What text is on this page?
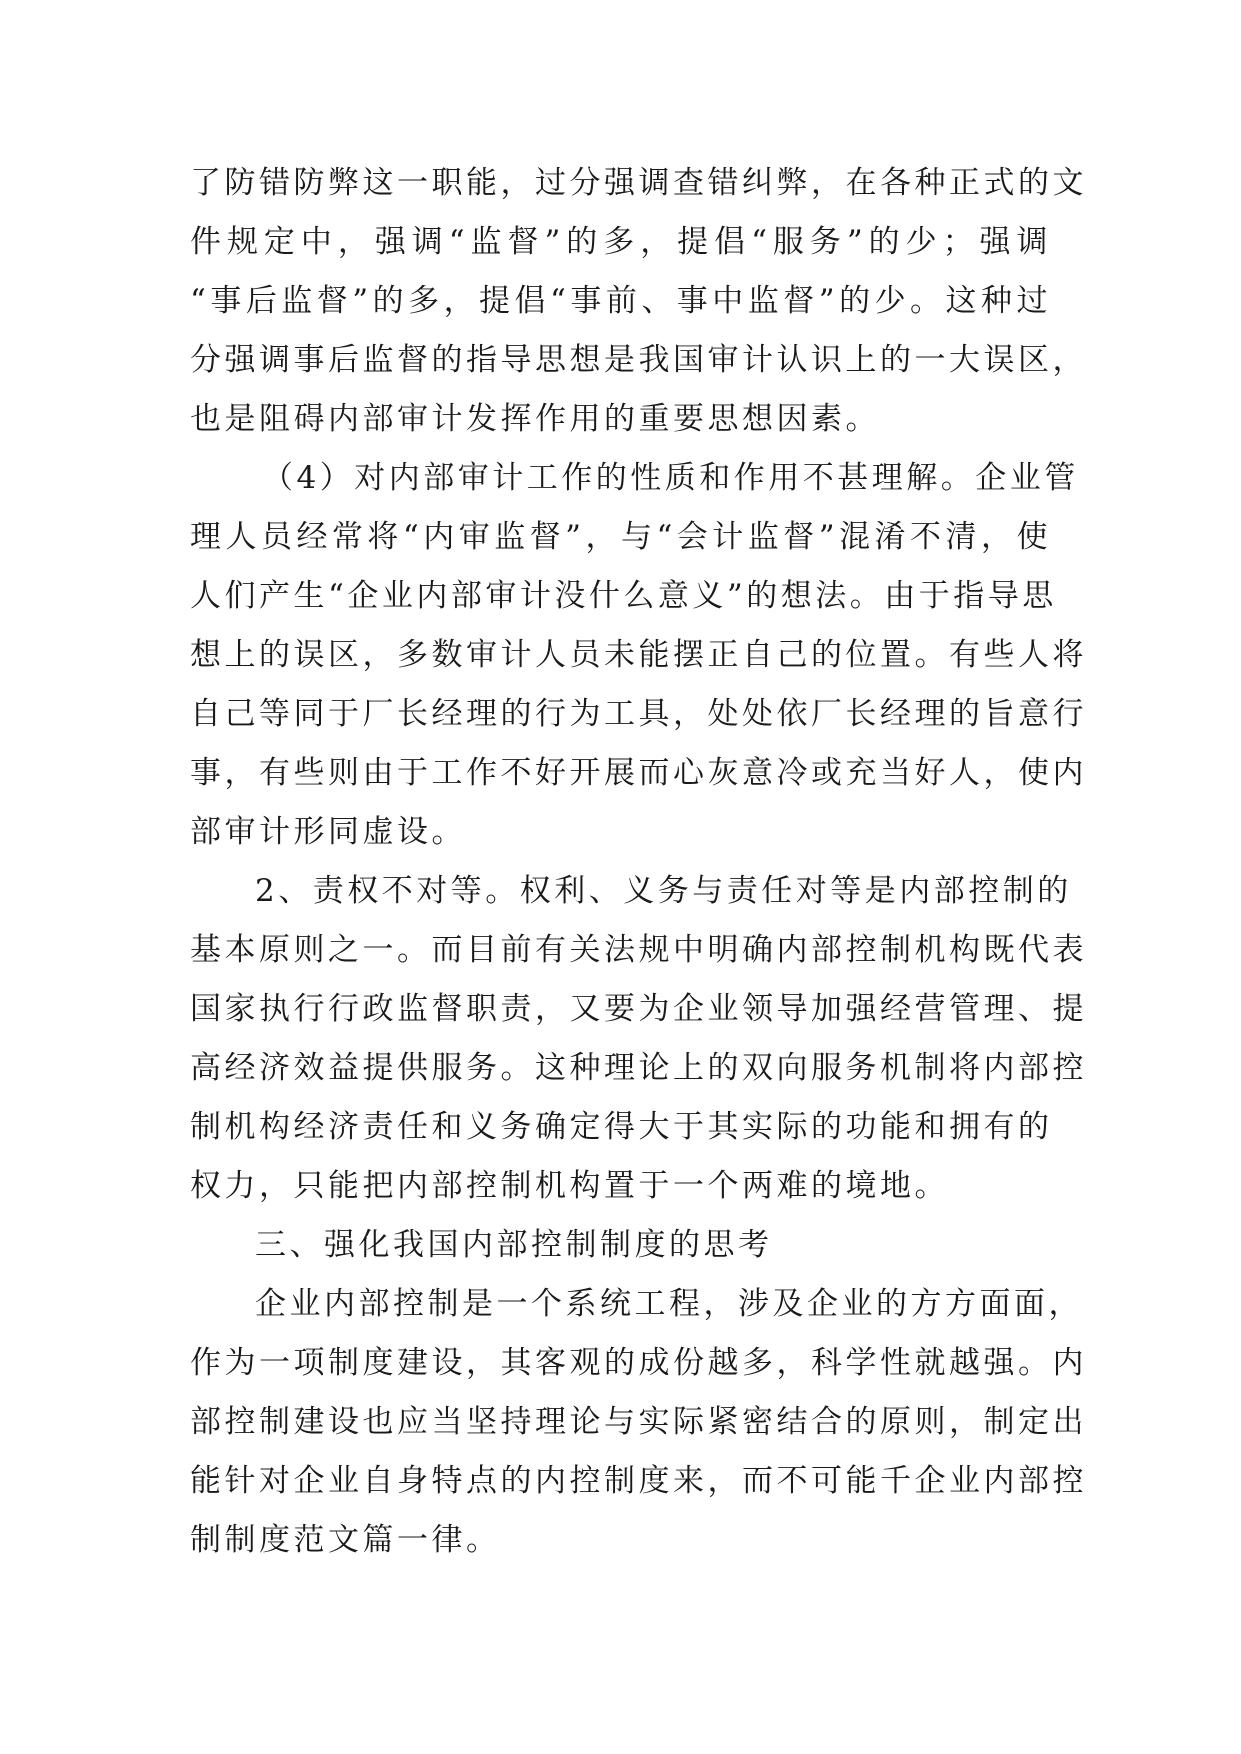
了防错防弊这一职能，过分强调查错纠弊，在各种正式的文
件规定中，强调“监督”的多，提倡“服务”的少；强调
“事后监督”的多，提倡“事前、事中监督”的少。这种过
分强调事后监督的指导思想是我国审计认识上的一大误区，
也是阻碍内部审计发挥作用的重要思想因素。
（4）对内部审计工作的性质和作用不甚理解。企业管
理人员经常将“内审监督”，与“会计监督”混淆不清，使
人们产生“企业内部审计没什么意义”的想法。由于指导思
想上的误区，多数审计人员未能摆正自己的位置。有些人将
自己等同于厂长经理的行为工具，处处依厂长经理的旨意行
事，有些则由于工作不好开展而心灰意冷或充当好人，使内
部审计形同虚设。
2、责权不对等。权利、义务与责任对等是内部控制的
基本原则之一。而目前有关法规中明确内部控制机构既代表
国家执行行政监督职责，又要为企业领导加强经营管理、提
高经济效益提供服务。这种理论上的双向服务机制将内部控
制机构经济责任和义务确定得大于其实际的功能和拥有的
权力，只能把内部控制机构置于一个两难的境地。
三、强化我国内部控制制度的思考
企业内部控制是一个系统工程，涉及企业的方方面面，
作为一项制度建设，其客观的成份越多，科学性就越强。内
部控制建设也应当坚持理论与实际紧密结合的原则，制定出
能针对企业自身特点的内控制度来，而不可能千企业内部控
制制度范文篇一律。
